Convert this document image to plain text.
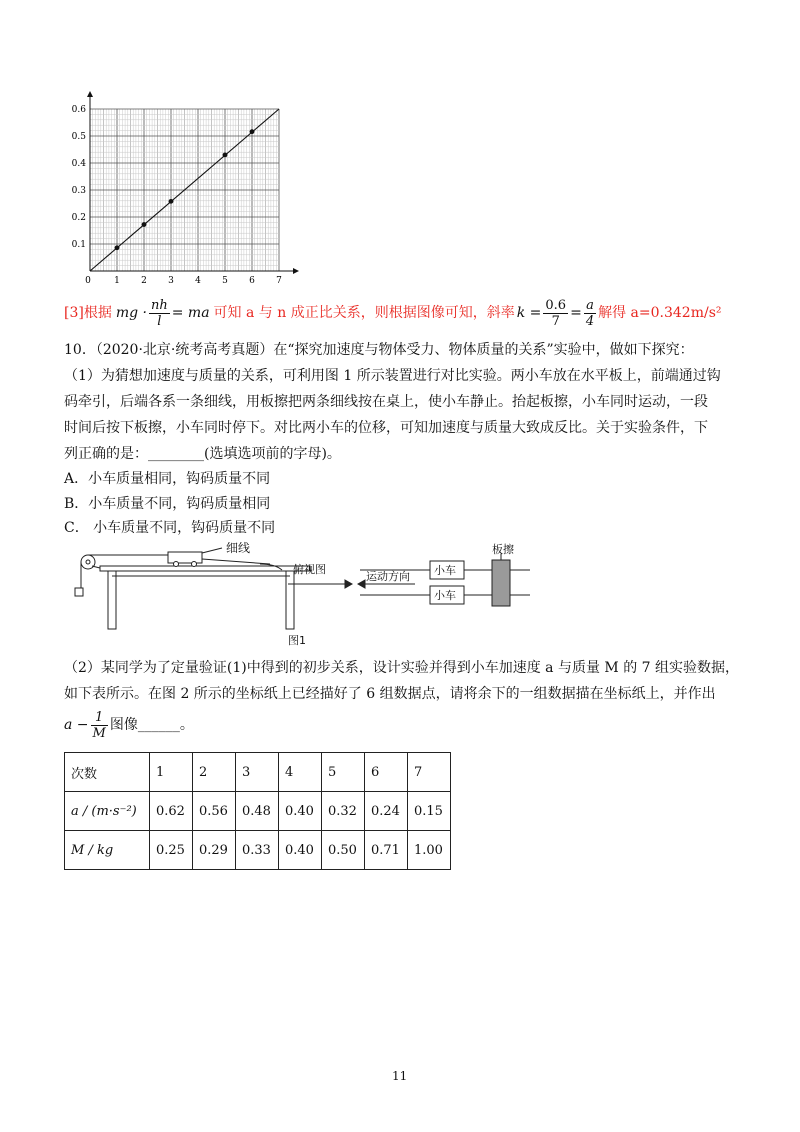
0.1
0.2
0.3
0.4
0.5
0.6
0	1 2 3 4 5 6 7
[3]根据 mg · $\frac{nh}{l}$ = ma 可知 a 与 n 成正比关系，则根据图像可知，斜率 $k = \frac{0.6}{7} = \frac{a}{4}$ 解得 a=0.342m/s²
10．（2020·北京·统考高考真题）在“探究加速度与物体受力、物体质量的关系”实验中，做如下探究：
（1）为猜想加速度与质量的关系，可利用图 1 所示装置进行对比实验。两小车放在水平板上，前端通过钩
码牵引，后端各系一条细线，用板擦把两条细线按在桌上，使小车静止。抬起板擦，小车同时运动，一段
时间后按下板擦，小车同时停下。对比两小车的位移，可知加速度与质量大致成反比。关于实验条件，下
列正确的是：________(选填选项前的字母)。
A．小车质量相同，钩码质量不同
B．小车质量不同，钩码质量相同
C． 小车质量不同，钩码质量不同
细线
俯视图	小车
小车
板擦
运动方向
图1
（2）某同学为了定量验证(1)中得到的初步关系，设计实验并得到小车加速度 a 与质量 M 的 7 组实验数据，
如下表所示。在图 2 所示的坐标纸上已经描好了 6 组数据点，请将余下的一组数据描在坐标纸上，并作出
$a - \frac{1}{M}$ 图像______。
次数	1	2	3	4	5	6	7
a / (m·s⁻²)	0.62	0.56	0.48	0.40	0.32	0.24	0.15
M / kg	0.25	0.29	0.33	0.40	0.50	0.71	1.00
11
